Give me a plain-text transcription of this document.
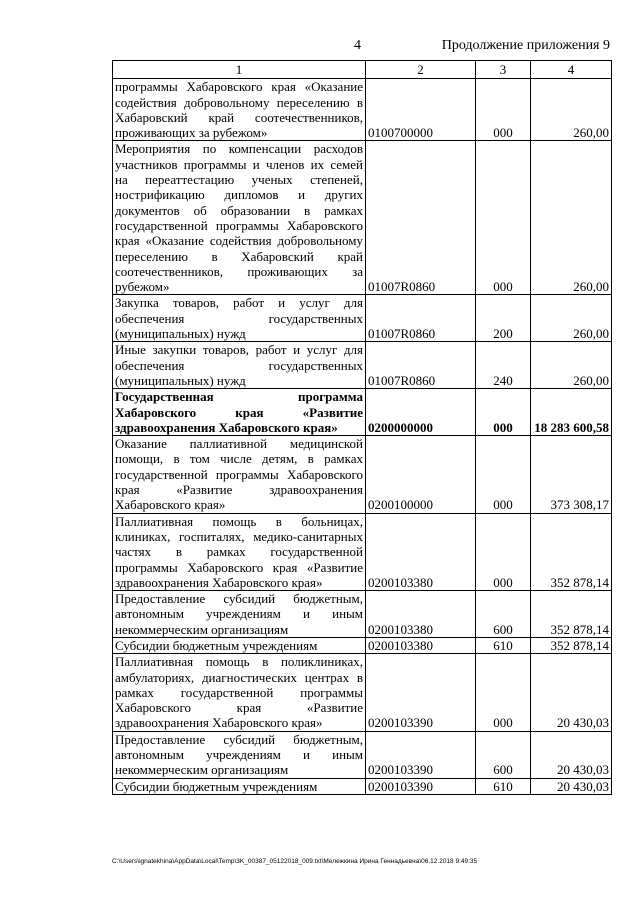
4	Продолжение приложения 9
1	2	3	4
программы Хабаровского края «Оказание содействия добровольному переселению в Хабаровский край соотечественников, проживающих за рубежом»	0100700000	000	260,00
Мероприятия по компенсации расходов участников программы и членов их семей на переаттестацию ученых степеней, нострификацию дипломов и других документов об образовании в рамках государственной программы Хабаровского края «Оказание содействия добровольному переселению в Хабаровский край соотечественников, проживающих за рубежом»	01007R0860	000	260,00
Закупка товаров, работ и услуг для обеспечения государственных (муниципальных) нужд	01007R0860	200	260,00
Иные закупки товаров, работ и услуг для обеспечения государственных (муниципальных) нужд	01007R0860	240	260,00
Государственная программа Хабаровского края «Развитие здравоохранения Хабаровского края»	0200000000	000	18 283 600,58
Оказание паллиативной медицинской помощи, в том числе детям, в рамках государственной программы Хабаровского края «Развитие здравоохранения Хабаровского края»	0200100000	000	373 308,17
Паллиативная помощь в больницах, клиниках, госпиталях, медико-санитарных частях в рамках государственной программы Хабаровского края «Развитие здравоохранения Хабаровского края»	0200103380	000	352 878,14
Предоставление субсидий бюджетным, автономным учреждениям и иным некоммерческим организациям	0200103380	600	352 878,14
Субсидии бюджетным учреждениям	0200103380	610	352 878,14
Паллиативная помощь в поликлиниках, амбулаториях, диагностических центрах в рамках государственной программы Хабаровского края «Развитие здравоохранения Хабаровского края»	0200103390	000	20 430,03
Предоставление субсидий бюджетным, автономным учреждениям и иным некоммерческим организациям	0200103390	600	20 430,03
Субсидии бюджетным учреждениям	0200103390	610	20 430,03
C:\Users\ignatekhina\AppData\Local\Temp\3K_00387_05122018_009.txt\Мележкина Ирина Геннадьевна\06.12.2018 9:49:35
